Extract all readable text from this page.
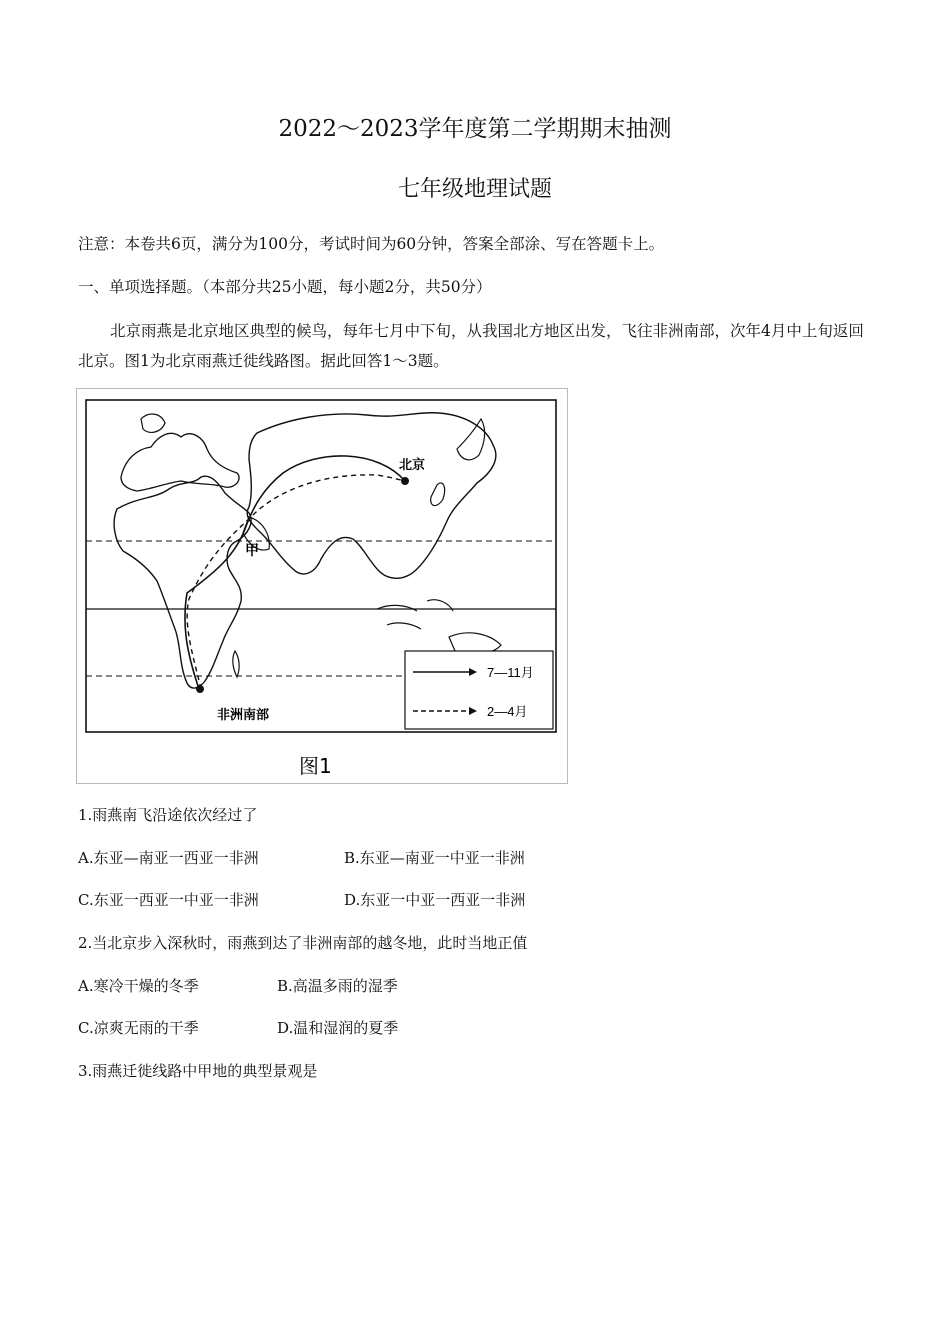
2022～2023学年度第二学期期末抽测
七年级地理试题
注意：本卷共6页，满分为100分，考试时间为60分钟，答案全部涂、写在答题卡上。
一、单项选择题。（本部分共25小题，每小题2分，共50分）
北京雨燕是北京地区典型的候鸟，每年七月中下旬，从我国北方地区出发，飞往非洲南部，次年4月中上旬返回北京。图1为北京雨燕迁徙线路图。据此回答1～3题。
北京
非洲南部
甲
7—11月
2—4月
图1
1.雨燕南飞沿途依次经过了
A.东亚—南亚一西亚一非洲	B.东亚—南亚一中亚一非洲
C.东亚一西亚一中亚一非洲	D.东亚一中亚一西亚一非洲
2.当北京步入深秋时，雨燕到达了非洲南部的越冬地，此时当地正值
A.寒冷干燥的冬季	B.高温多雨的湿季
C.凉爽无雨的干季	D.温和湿润的夏季
3.雨燕迁徙线路中甲地的典型景观是
